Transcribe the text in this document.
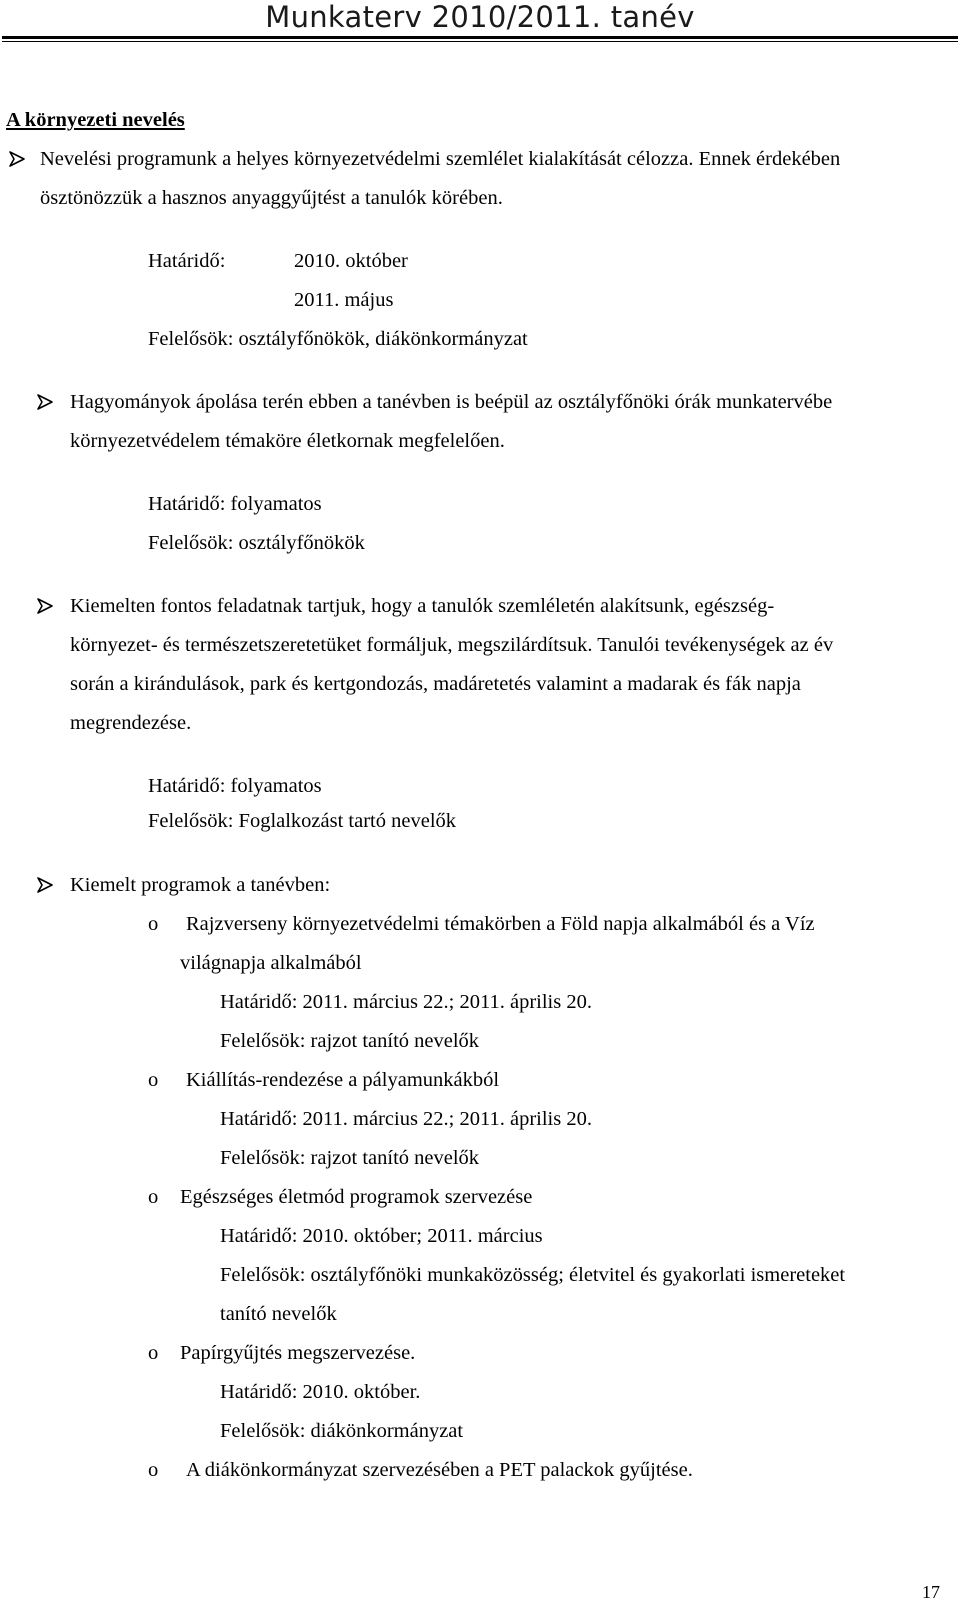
Munkaterv 2010/2011. tanév
A környezeti nevelés
Nevelési programunk a helyes környezetvédelmi szemlélet kialakítását célozza. Ennek érdekében
ösztönözzük a hasznos anyaggyűjtést a tanulók körében.
Határidő:	2010. október
2011. május
Felelősök: osztályfőnökök, diákönkormányzat
Hagyományok ápolása terén ebben a tanévben is beépül az osztályfőnöki órák munkatervébe
környezetvédelem témaköre életkornak megfelelően.
Határidő: folyamatos
Felelősök: osztályfőnökök
Kiemelten fontos feladatnak tartjuk, hogy a tanulók szemléletén alakítsunk, egészség-
környezet- és természetszeretetüket formáljuk, megszilárdítsuk. Tanulói tevékenységek az év
során a kirándulások, park és kertgondozás, madáretetés valamint a madarak és fák napja
megrendezése.
Határidő: folyamatos
Felelősök: Foglalkozást tartó nevelők
Kiemelt programok a tanévben:
o Rajzverseny környezetvédelmi témakörben a Föld napja alkalmából és a Víz
világnapja alkalmából
Határidő: 2011. március 22.; 2011. április 20.
Felelősök: rajzot tanító nevelők
o Kiállítás-rendezése a pályamunkákból
Határidő: 2011. március 22.; 2011. április 20.
Felelősök: rajzot tanító nevelők
o Egészséges életmód programok szervezése
Határidő: 2010. október; 2011. március
Felelősök: osztályfőnöki munkaközösség; életvitel és gyakorlati ismereteket
tanító nevelők
o Papírgyűjtés megszervezése.
Határidő: 2010. október.
Felelősök: diákönkormányzat
o A diákönkormányzat szervezésében a PET palackok gyűjtése.
17
